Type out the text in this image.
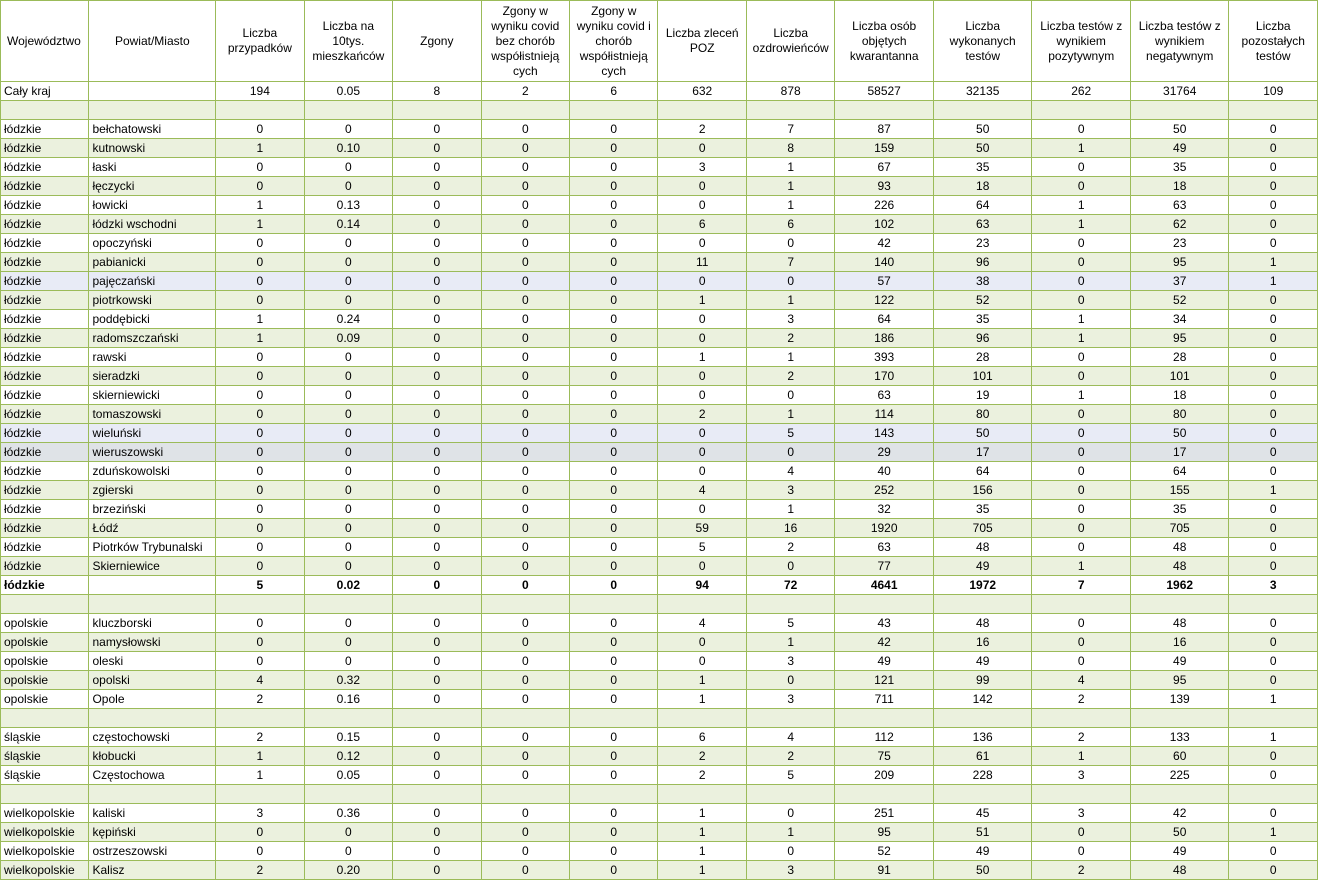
Województwo	Powiat/Miasto	Liczba przypadków	Liczba na 10tys. mieszkańców	Zgony	Zgony w wyniku covid bez chorób współistnieją cych	Zgony w wyniku covid i chorób współistnieją cych	Liczba zleceń POZ	Liczba ozdrowieńców	Liczba osób objętych kwarantanna	Liczba wykonanych testów	Liczba testów z wynikiem pozytywnym	Liczba testów z wynikiem negatywnym	Liczba pozostałych testów
Cały kraj		194	0.05	8	2	6	632	878	58527	32135	262	31764	109

łódzkie	bełchatowski	0	0	0	0	0	2	7	87	50	0	50	0
łódzkie	kutnowski	1	0.10	0	0	0	0	8	159	50	1	49	0
łódzkie	łaski	0	0	0	0	0	3	1	67	35	0	35	0
łódzkie	łęczycki	0	0	0	0	0	0	1	93	18	0	18	0
łódzkie	łowicki	1	0.13	0	0	0	0	1	226	64	1	63	0
łódzkie	łódzki wschodni	1	0.14	0	0	0	6	6	102	63	1	62	0
łódzkie	opoczyński	0	0	0	0	0	0	0	42	23	0	23	0
łódzkie	pabianicki	0	0	0	0	0	11	7	140	96	0	95	1
łódzkie	pajęczański	0	0	0	0	0	0	0	57	38	0	37	1
łódzkie	piotrkowski	0	0	0	0	0	1	1	122	52	0	52	0
łódzkie	poddębicki	1	0.24	0	0	0	0	3	64	35	1	34	0
łódzkie	radomszczański	1	0.09	0	0	0	0	2	186	96	1	95	0
łódzkie	rawski	0	0	0	0	0	1	1	393	28	0	28	0
łódzkie	sieradzki	0	0	0	0	0	0	2	170	101	0	101	0
łódzkie	skierniewicki	0	0	0	0	0	0	0	63	19	1	18	0
łódzkie	tomaszowski	0	0	0	0	0	2	1	114	80	0	80	0
łódzkie	wieluński	0	0	0	0	0	0	5	143	50	0	50	0
łódzkie	wieruszowski	0	0	0	0	0	0	0	29	17	0	17	0
łódzkie	zduńskowolski	0	0	0	0	0	0	4	40	64	0	64	0
łódzkie	zgierski	0	0	0	0	0	4	3	252	156	0	155	1
łódzkie	brzeziński	0	0	0	0	0	0	1	32	35	0	35	0
łódzkie	Łódź	0	0	0	0	0	59	16	1920	705	0	705	0
łódzkie	Piotrków Trybunalski	0	0	0	0	0	5	2	63	48	0	48	0
łódzkie	Skierniewice	0	0	0	0	0	0	0	77	49	1	48	0
łódzkie		5	0.02	0	0	0	94	72	4641	1972	7	1962	3

opolskie	kluczborski	0	0	0	0	0	4	5	43	48	0	48	0
opolskie	namysłowski	0	0	0	0	0	0	1	42	16	0	16	0
opolskie	oleski	0	0	0	0	0	0	3	49	49	0	49	0
opolskie	opolski	4	0.32	0	0	0	1	0	121	99	4	95	0
opolskie	Opole	2	0.16	0	0	0	1	3	711	142	2	139	1

śląskie	częstochowski	2	0.15	0	0	0	6	4	112	136	2	133	1
śląskie	kłobucki	1	0.12	0	0	0	2	2	75	61	1	60	0
śląskie	Częstochowa	1	0.05	0	0	0	2	5	209	228	3	225	0

wielkopolskie	kaliski	3	0.36	0	0	0	1	0	251	45	3	42	0
wielkopolskie	kępiński	0	0	0	0	0	1	1	95	51	0	50	1
wielkopolskie	ostrzeszowski	0	0	0	0	0	1	0	52	49	0	49	0
wielkopolskie	Kalisz	2	0.20	0	0	0	1	3	91	50	2	48	0
